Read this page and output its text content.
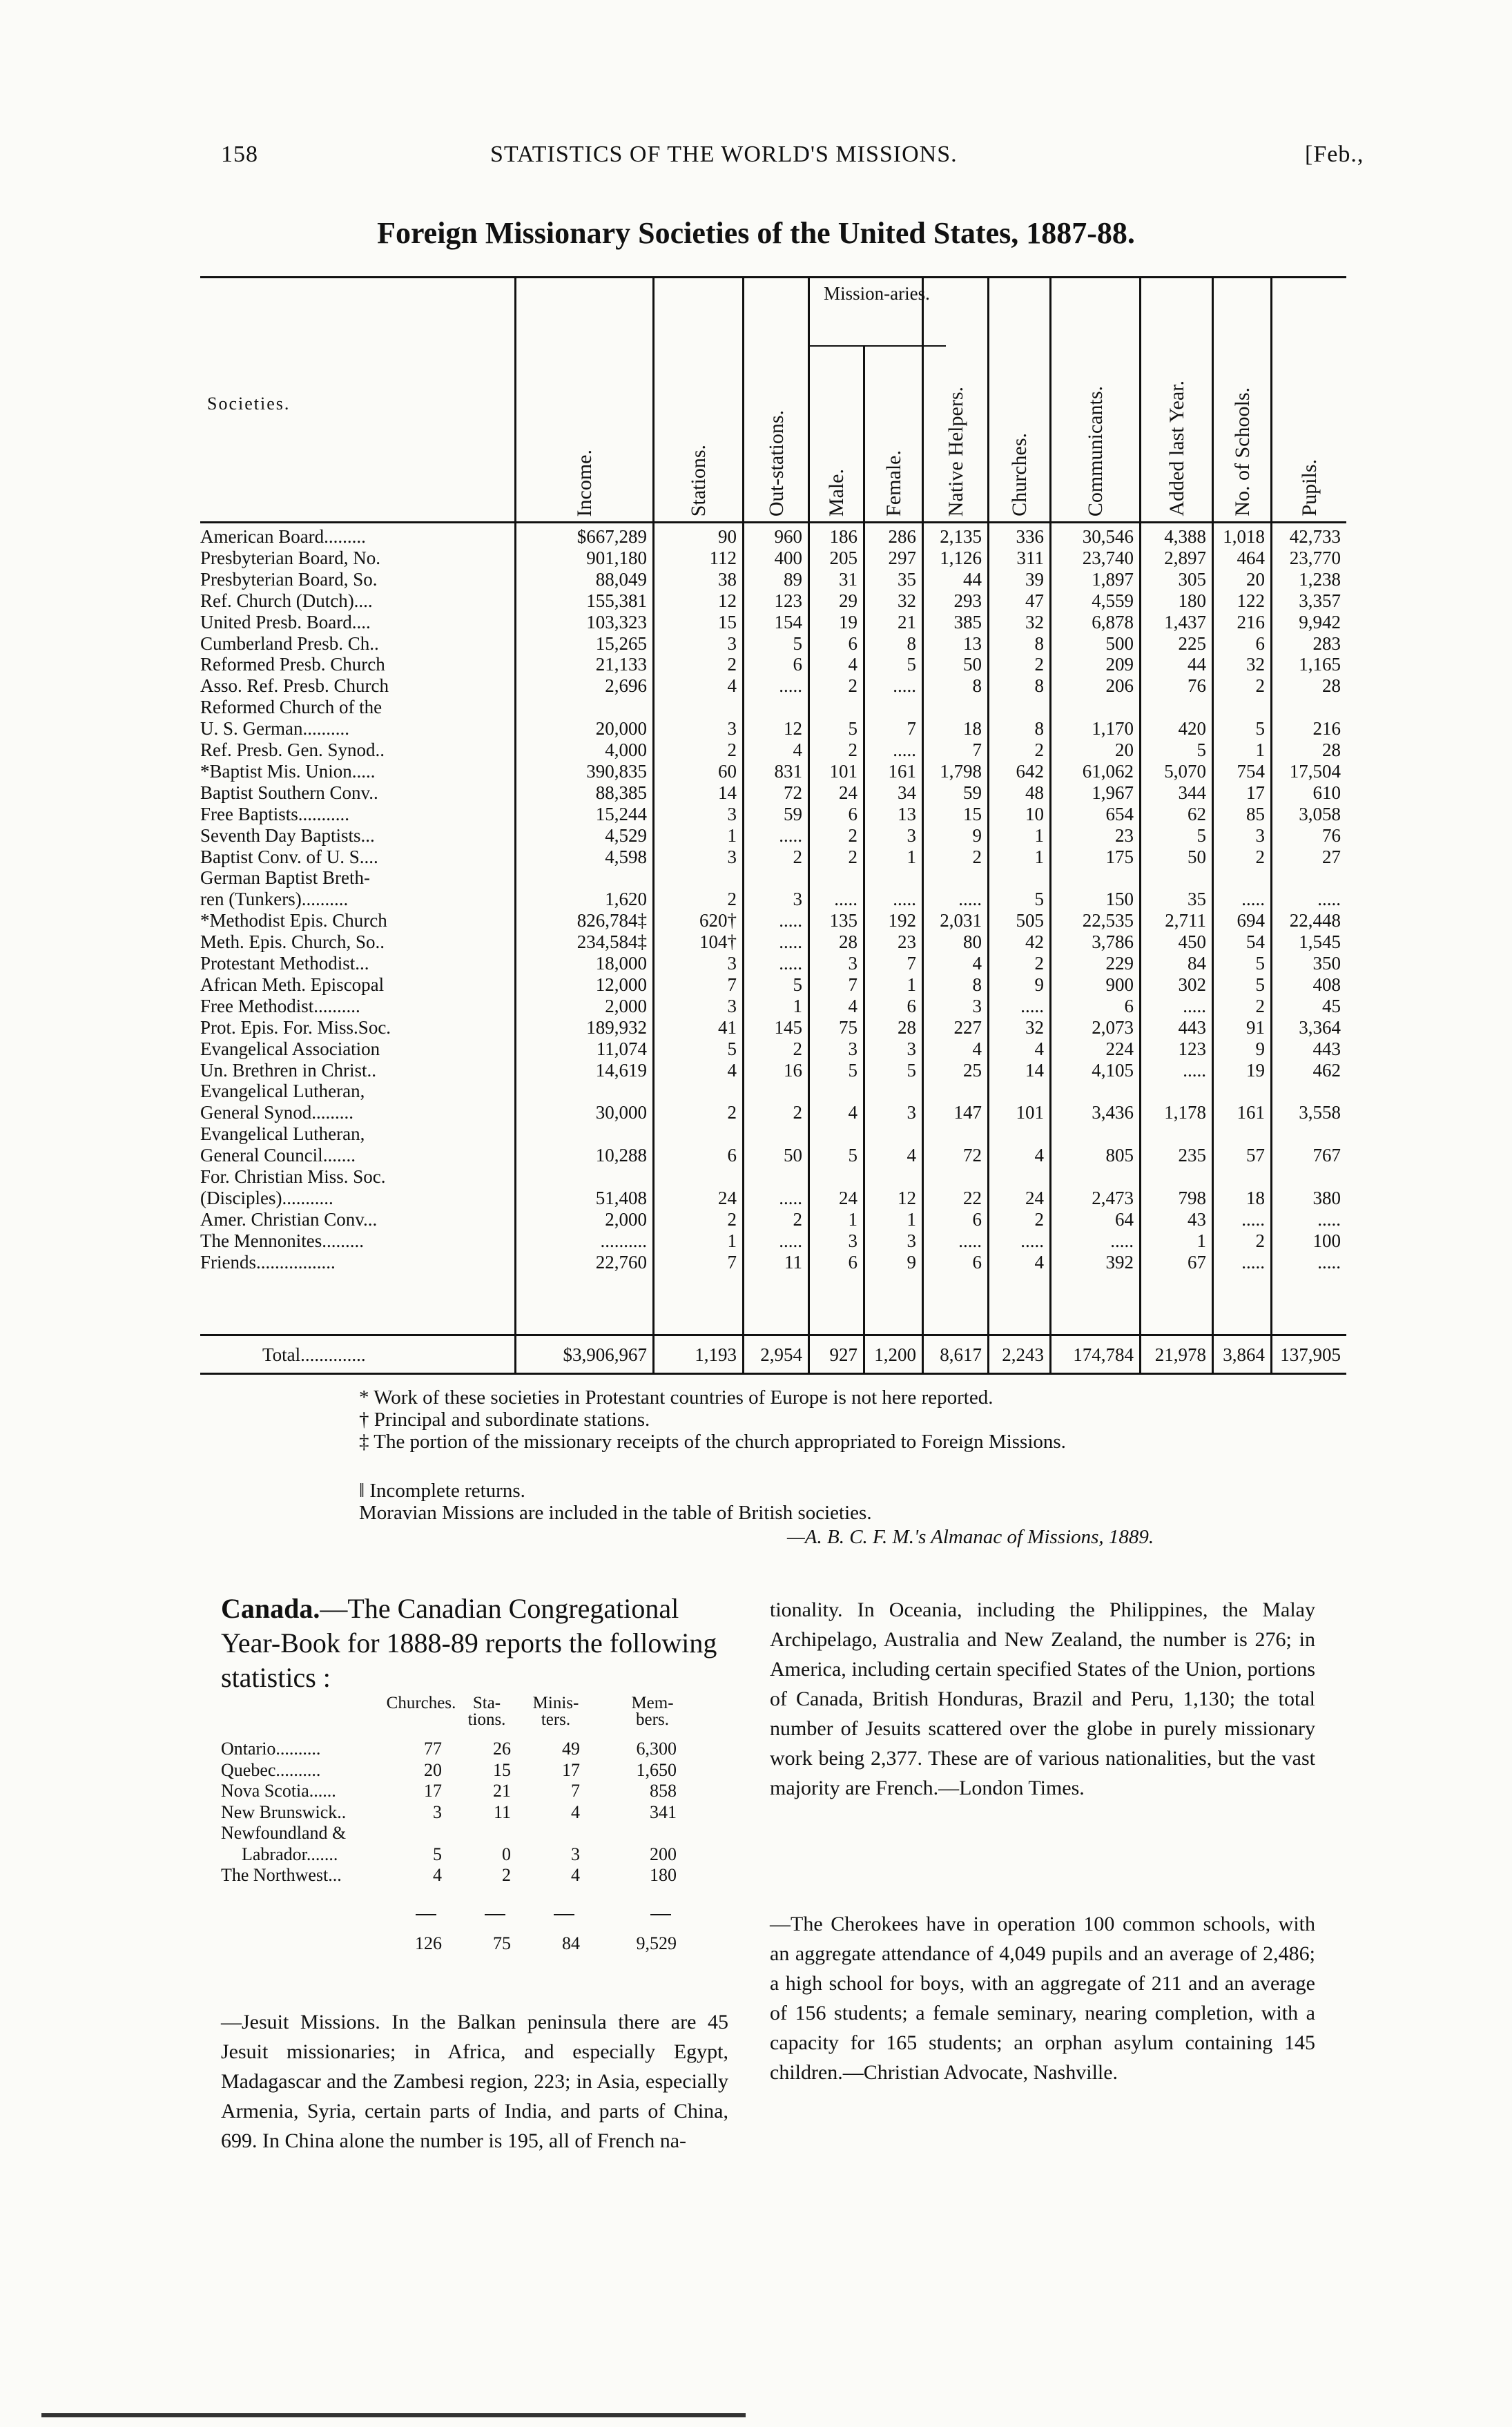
158	STATISTICS OF THE WORLD'S MISSIONS.	[Feb.,
Foreign Missionary Societies of the United States, 1887-88.
Societies.
Mission-aries.
Income.	Stations.	Out-stations. Male. Female. Native Helpers. Churches.	Communicants.	Added last Year. No. of Schools. Pupils.
American Board.........	$667,289	90 960 186 286 2,135 336 30,546 4,388 1,018 42,733
Presbyterian Board, No.	901,180	112 400 205 297 1,126 311 23,740 2,897 464 23,770
Presbyterian Board, So.	88,049	38	89 31 35	44 39	1,897 305 20 1,238
Ref. Church (Dutch)....	155,381	12 123 29 32 293 47	4,559 180 122 3,357
United Presb. Board....	103,323	15 154 19 21 385 32	6,878 1,437 216 9,942
Cumberland Presb. Ch..	15,265	3	5 6	8	13	8	500 225	6	283
Reformed Presb. Church	21,133	2	6 4	5	50	2	209	44 32 1,165
Asso. Ref. Presb. Church	2,696	4 ..... 2 .....	8	8	206	76	2	28
Reformed Church of the
U. S. German..........	20,000	3	12 5	7	18	8	1,170 420	5	216
Ref. Presb. Gen. Synod..	4,000	2	4 2 .....	7	2	20	5	1	28
*Baptist Mis. Union.....	390,835	60 831 101 161 1,798 642 61,062 5,070 754 17,504
Baptist Southern Conv..	88,385	14	72 24 34	59 48	1,967 344 17	610
Free Baptists...........	15,244	3	59 6 13	15 10	654	62 85 3,058
Seventh Day Baptists...	4,529	1 ..... 2	3	9	1	23	5	3	76
Baptist Conv. of U. S....	4,598	3	2 2	1	2	1	175	50	2	27
German Baptist Breth-
ren (Tunkers)..........	1,620	2	3 ..... ..... .....	5	150	35 .....	.....
*Methodist Epis. Church	826,784‡	620† ..... 135 192 2,031 505 22,535 2,711 694 22,448
Meth. Epis. Church, So..	234,584‡	104† ..... 28 23	80 42	3,786 450 54 1,545
Protestant Methodist...	18,000	3 ..... 3	7	4	2	229	84	5	350
African Meth. Episcopal	12,000	7	5 7	1	8	9	900 302	5	408
Free Methodist..........	2,000	3	1 4	6	3 .....	6	.....	2	45
Prot. Epis. For. Miss.Soc.	189,932	41 145 75 28 227 32	2,073 443 91 3,364
Evangelical Association	11,074	5	2 3	3	4	4	224 123	9	443
Un. Brethren in Christ..	14,619	4	16 5	5	25 14	4,105	..... 19	462
Evangelical Lutheran,
General Synod.........	30,000	2	2 4	3 147 101	3,436 1,178 161 3,558
Evangelical Lutheran,
General Council.......	10,288	6	50 5	4	72	4	805 235 57	767
For. Christian Miss. Soc.
(Disciples)...........	51,408	24 ..... 24 12	22 24	2,473 798 18	380
Amer. Christian Conv...	2,000	2	2 1	1	6	2	64	43 .....	.....
The Mennonites.........	..........	1 ..... 3	3 ..... .....	.....	1	2	100
Friends.................	22,760	7	11 6	9	6	4	392	67 .....	.....
Total..............	$3,906,967	1,193 2,954 927 1,200 8,617 2,243 174,784 21,978 3,864 137,905
* Work of these societies in Protestant countries of Europe is not here reported.
† Principal and subordinate stations.
‡ The portion of the missionary receipts of the church appropriated to Foreign Missions.
‖ Incomplete returns.
Moravian Missions are included in the table of British societies.
—A. B. C. F. M.'s Almanac of Missions, 1889.
Canada.—The Canadian Congregational Year-Book for 1888-89 reports the following statistics :
Churches. Sta-tions.
Minis-ters.
Mem-bers.
Ontario..........	77	26	49	6,300
Quebec..........	20	15	17	1,650
Nova Scotia......	17	21	7	858
New Brunswick..	3	11	4	341
Newfoundland &
Labrador.......	5	0	3	200
The Northwest...	4	2	4	180
126	75	84	9,529
—Jesuit Missions. In the Balkan peninsula there are 45 Jesuit missionaries; in Africa, and especially Egypt, Madagascar and the Zambesi region, 223; in Asia, especially Armenia, Syria, certain parts of India, and parts of China, 699. In China alone the number is 195, all of French na-
tionality. In Oceania, including the Philippines, the Malay Archipelago, Australia and New Zealand, the number is 276; in America, including certain specified States of the Union, portions of Canada, British Honduras, Brazil and Peru, 1,130; the total number of Jesuits scattered over the globe in purely missionary work being 2,377. These are of various nationalities, but the vast majority are French.—London Times.
—The Cherokees have in operation 100 common schools, with an aggregate attendance of 4,049 pupils and an average of 2,486; a high school for boys, with an aggregate of 211 and an average of 156 students; a female seminary, nearing completion, with a capacity for 165 students; an orphan asylum containing 145 children.—Christian Advocate, Nashville.
